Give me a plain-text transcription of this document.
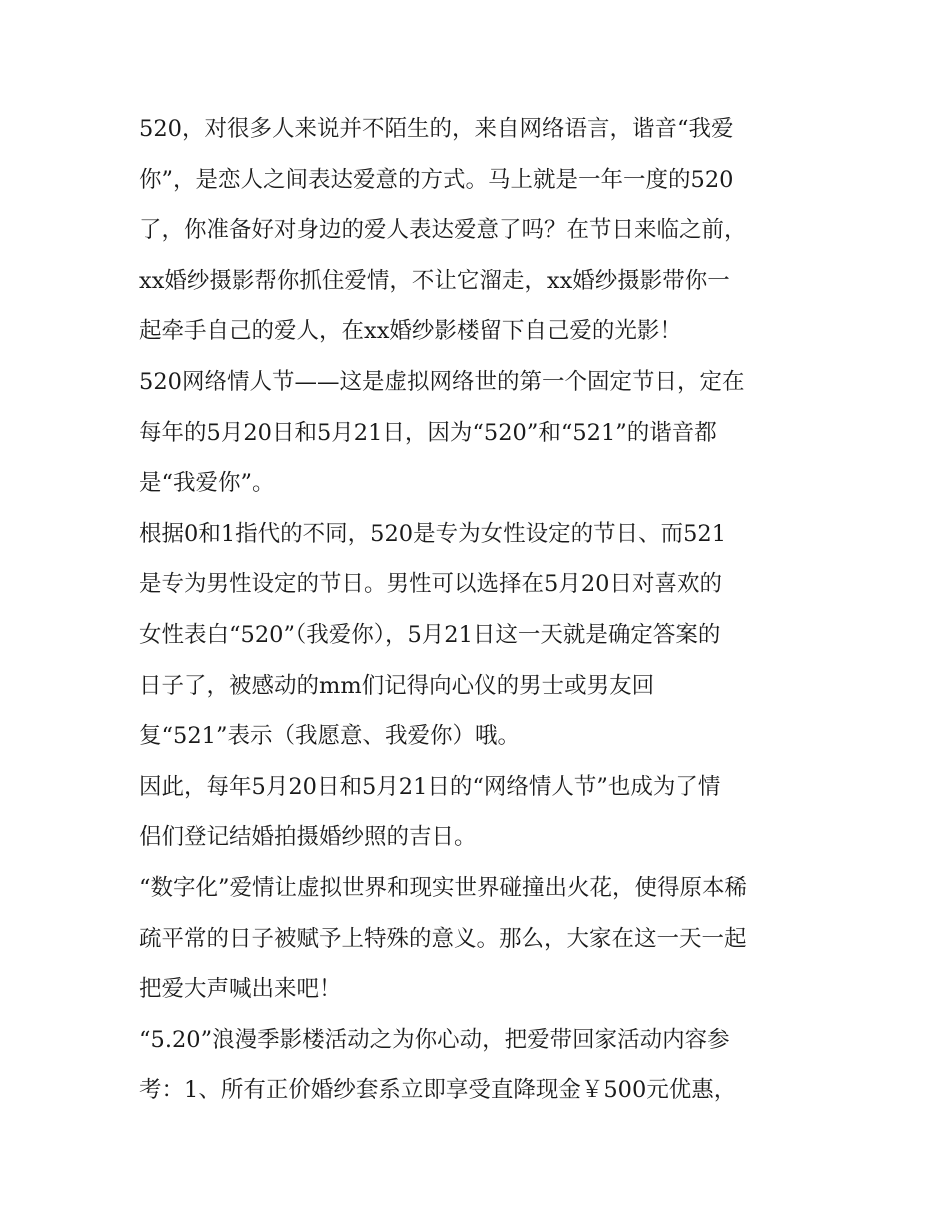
520，对很多人来说并不陌生的，来自网络语言，谐音“我爱
你”，是恋人之间表达爱意的方式。马上就是一年一度的520
了，你准备好对身边的爱人表达爱意了吗？在节日来临之前，
xx婚纱摄影帮你抓住爱情，不让它溜走，xx婚纱摄影带你一
起牵手自己的爱人，在xx婚纱影楼留下自己爱的光影！
520网络情人节——这是虚拟网络世的第一个固定节日，定在
每年的5月20日和5月21日，因为“520”和“521”的谐音都
是“我爱你”。
根据0和1指代的不同，520是专为女性设定的节日、而521
是专为男性设定的节日。男性可以选择在5月20日对喜欢的
女性表白“520”（我爱你），5月21日这一天就是确定答案的
日子了，被感动的mm们记得向心仪的男士或男友回
复“521”表示（我愿意、我爱你）哦。
因此，每年5月20日和5月21日的“网络情人节”也成为了情
侣们登记结婚拍摄婚纱照的吉日。
“数字化”爱情让虚拟世界和现实世界碰撞出火花，使得原本稀
疏平常的日子被赋予上特殊的意义。那么，大家在这一天一起
把爱大声喊出来吧！
“5.20”浪漫季影楼活动之为你心动，把爱带回家活动内容参
考：1、所有正价婚纱套系立即享受直降现金￥500元优惠，
